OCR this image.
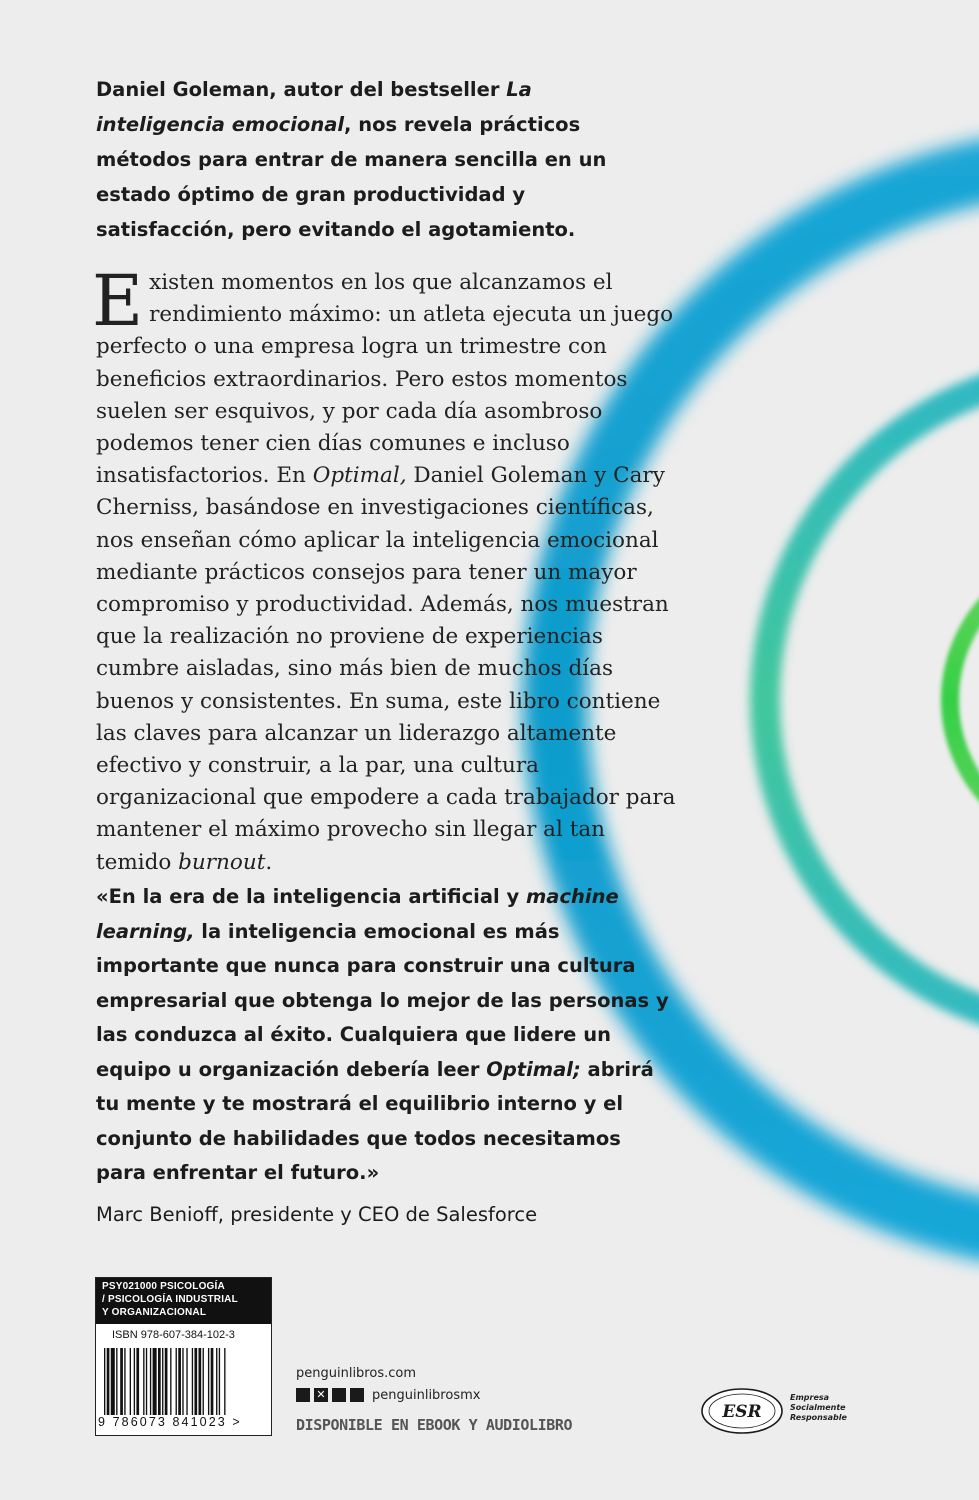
Daniel Goleman, autor del bestseller La inteligencia emocional, nos revela prácticos métodos para entrar de manera sencilla en un estado óptimo de gran productividad y satisfacción, pero evitando el agotamiento.

Existen momentos en los que alcanzamos el rendimiento máximo: un atleta ejecuta un juego perfecto o una empresa logra un trimestre con beneficios extraordinarios. Pero estos momentos suelen ser esquivos, y por cada día asombroso podemos tener cien días comunes e incluso insatisfactorios. En Optimal, Daniel Goleman y Cary Cherniss, basándose en investigaciones científicas, nos enseñan cómo aplicar la inteligencia emocional mediante prácticos consejos para tener un mayor compromiso y productividad. Además, nos muestran que la realización no proviene de experiencias cumbre aisladas, sino más bien de muchos días buenos y consistentes. En suma, este libro contiene las claves para alcanzar un liderazgo altamente efectivo y construir, a la par, una cultura organizacional que empodere a cada trabajador para mantener el máximo provecho sin llegar al tan temido burnout.

«En la era de la inteligencia artificial y machine learning, la inteligencia emocional es más importante que nunca para construir una cultura empresarial que obtenga lo mejor de las personas y las conduzca al éxito. Cualquiera que lidere un equipo u organización debería leer Optimal; abrirá tu mente y te mostrará el equilibrio interno y el conjunto de habilidades que todos necesitamos para enfrentar el futuro.»

Marc Benioff, presidente y CEO de Salesforce

PSY021000 PSICOLOGÍA
/ PSICOLOGÍA INDUSTRIAL
Y ORGANIZACIONAL
ISBN 978-607-384-102-3
9 786073 841023 >
penguinlibros.com
✕	penguinlibrosmx
DISPONIBLE EN EBOOK Y AUDIOLIBRO
ESR
Empresa
Socialmente
Responsable
